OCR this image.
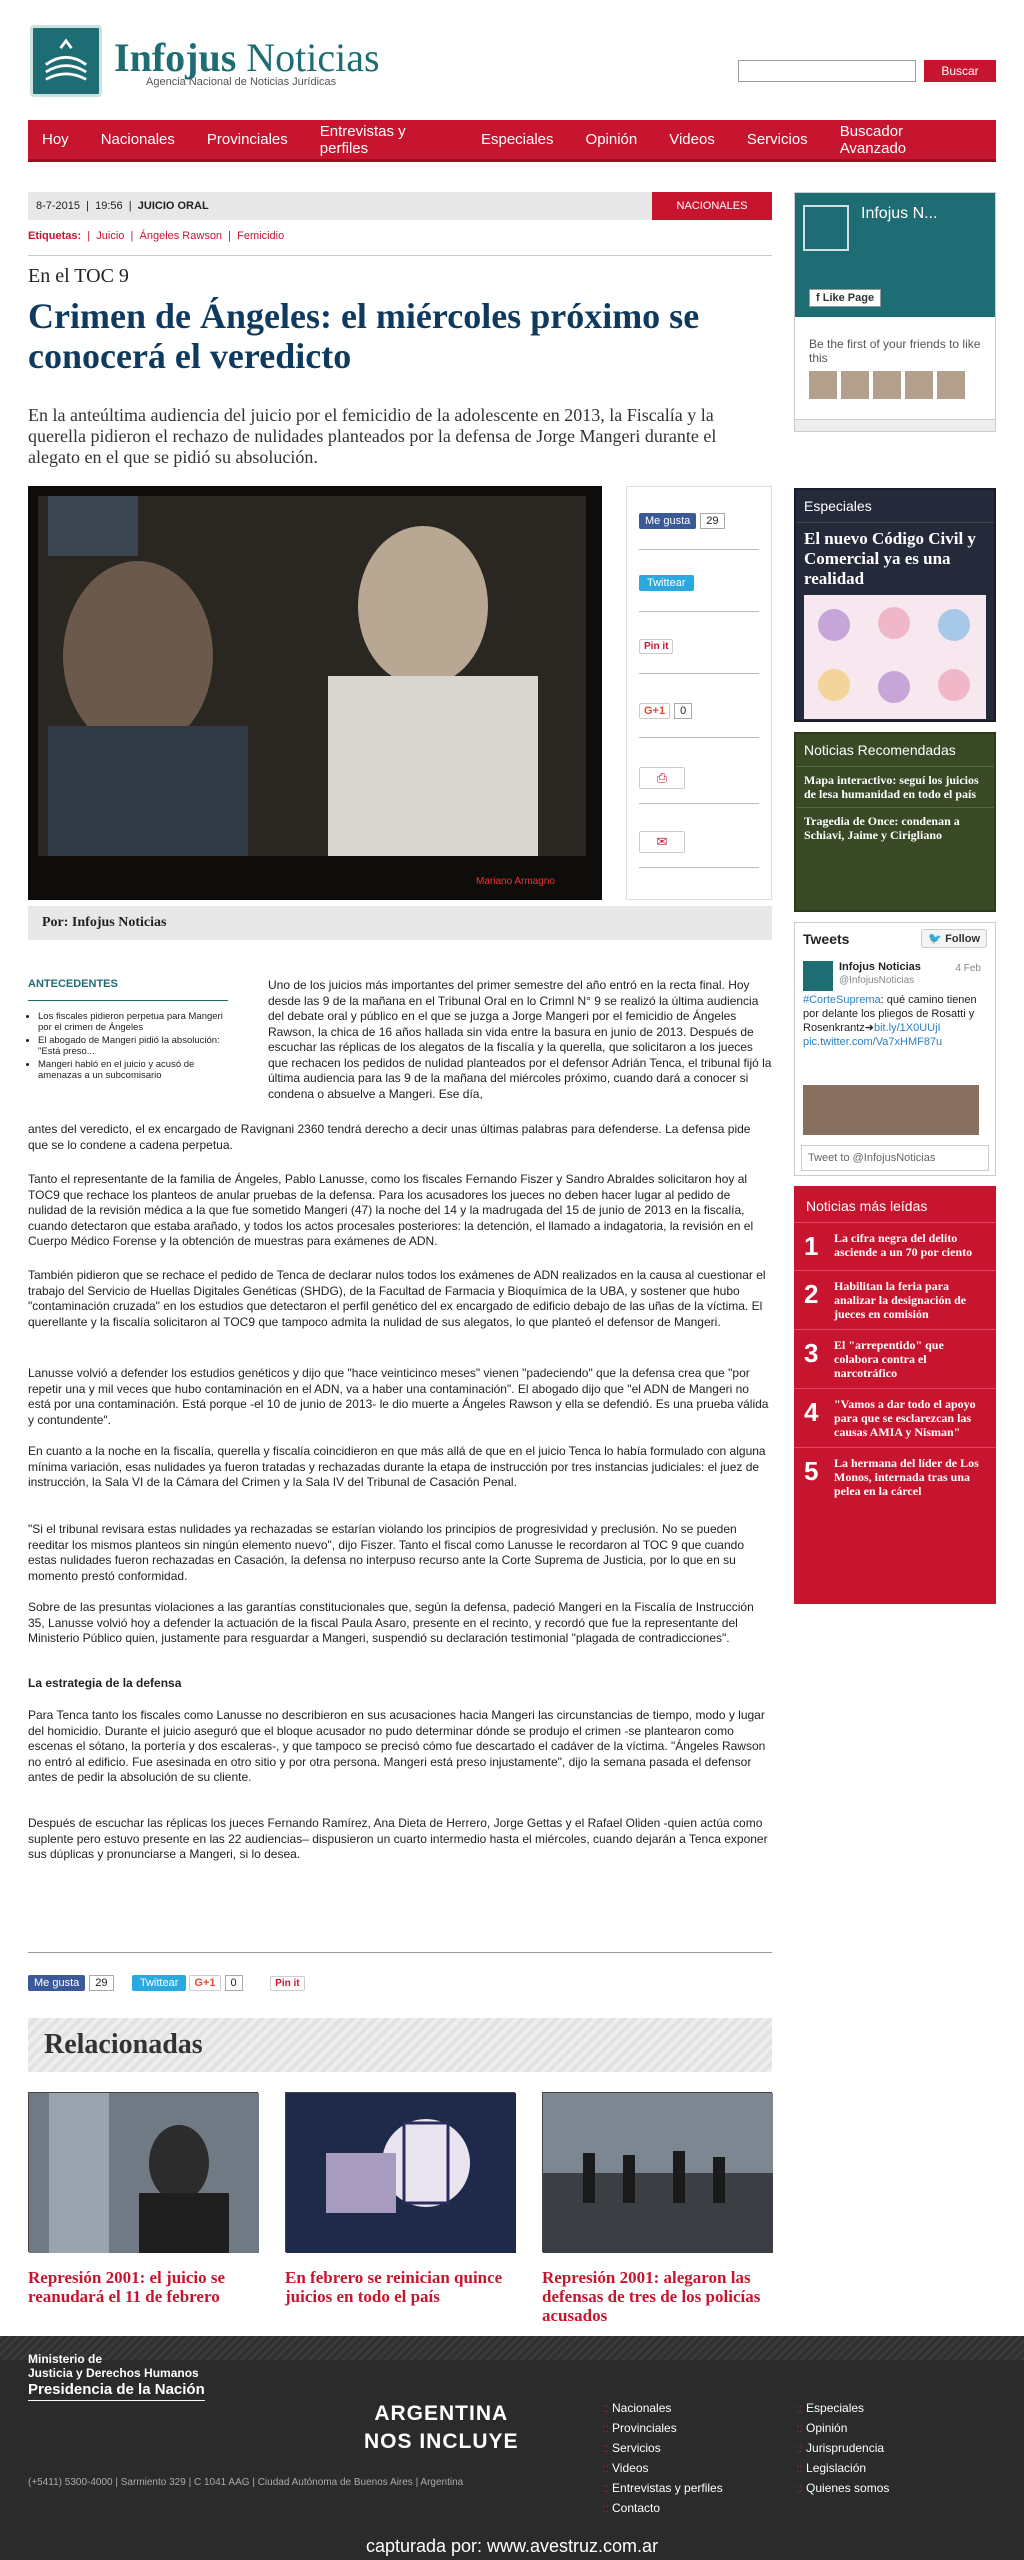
Infojus Noticias
Agencia Nacional de Noticias Jurídicas
Buscar
Hoy Nacionales Provinciales Entrevistas y perfiles	Especiales Opinión Videos Servicios Buscador Avanzado
8-7-2015  |  19:56  |  JUICIO ORAL	NACIONALES
Etiquetas:  |  Juicio  |  Ángeles Rawson  |  Femicidio
En el TOC 9
Crimen de Ángeles: el miércoles próximo se conocerá el veredicto

En la anteúltima audiencia del juicio por el femicidio de la adolescente en 2013, la Fiscalía y la querella pidieron el rechazo de nulidades planteados por la defensa de Jorge Mangeri durante el alegato en el que se pidió su absolución.

Mariano Armagno
Me gusta 29
Twittear
Pin it
G+1 0
⎙
✉
Por: Infojus Noticias
ANTECEDENTES
• Los fiscales pidieron perpetua para Mangeri por el crimen de Ángeles
• El abogado de Mangeri pidió la absolución: "Está preso...
• Mangeri habló en el juicio y acusó de amenazas a un subcomisario

Uno de los juicios más importantes del primer semestre del año entró en la recta final. Hoy desde las 9 de la mañana en el Tribunal Oral en lo Crimnl N° 9 se realizó la última audiencia del debate oral y público en el que se juzga a Jorge Mangeri por el femicidio de Ángeles Rawson, la chica de 16 años hallada sin vida entre la basura en junio de 2013. Después de escuchar las réplicas de los alegatos de la fiscalía y la querella, que solicitaron a los jueces que rechacen los pedidos de nulidad planteados por el defensor Adrián Tenca, el tribunal fijó la última audiencia para las 9 de la mañana del miércoles próximo, cuando dará a conocer si condena o absuelve a Mangeri. Ese día,

antes del veredicto, el ex encargado de Ravignani 2360 tendrá derecho a decir unas últimas palabras para defenderse. La defensa pide que se lo condene a cadena perpetua.

Tanto el representante de la familia de Ángeles, Pablo Lanusse, como los fiscales Fernando Fiszer y Sandro Abraldes solicitaron hoy al TOC9 que rechace los planteos de anular pruebas de la defensa. Para los acusadores los jueces no deben hacer lugar al pedido de nulidad de la revisión médica a la que fue sometido Mangeri (47) la noche del 14 y la madrugada del 15 de junio de 2013 en la fiscalía, cuando detectaron que estaba arañado, y todos los actos procesales posteriores: la detención, el llamado a indagatoria, la revisión en el Cuerpo Médico Forense y la obtención de muestras para exámenes de ADN.

También pidieron que se rechace el pedido de Tenca de declarar nulos todos los exámenes de ADN realizados en la causa al cuestionar el trabajo del Servicio de Huellas Digitales Genéticas (SHDG), de la Facultad de Farmacia y Bioquímica de la UBA, y sostener que hubo "contaminación cruzada" en los estudios que detectaron el perfil genético del ex encargado de edificio debajo de las uñas de la víctima. El querellante y la fiscalía solicitaron al TOC9 que tampoco admita la nulidad de sus alegatos, lo que planteó el defensor de Mangeri.

Lanusse volvió a defender los estudios genéticos y dijo que "hace veinticinco meses" vienen "padeciendo" que la defensa crea que "por repetir una y mil veces que hubo contaminación en el ADN, va a haber una contaminación". El abogado dijo que "el ADN de Mangeri no está por una contaminación. Está porque -el 10 de junio de 2013- le dio muerte a Ángeles Rawson y ella se defendió. Es una prueba válida y contundente".

En cuanto a la noche en la fiscalía, querella y fiscalía coincidieron en que más allá de que en el juicio Tenca lo había formulado con alguna mínima variación, esas nulidades ya fueron tratadas y rechazadas durante la etapa de instrucción por tres instancias judiciales: el juez de instrucción, la Sala VI de la Cámara del Crimen y la Sala IV del Tribunal de Casación Penal.

"Si el tribunal revisara estas nulidades ya rechazadas se estarían violando los principios de progresividad y preclusión. No se pueden reeditar los mismos planteos sin ningún elemento nuevo", dijo Fiszer. Tanto el fiscal como Lanusse le recordaron al TOC 9 que cuando estas nulidades fueron rechazadas en Casación, la defensa no interpuso recurso ante la Corte Suprema de Justicia, por lo que en su momento prestó conformidad.

Sobre de las presuntas violaciones a las garantías constitucionales que, según la defensa, padeció Mangeri en la Fiscalía de Instrucción 35, Lanusse volvió hoy a defender la actuación de la fiscal Paula Asaro, presente en el recinto, y recordó que fue la representante del Ministerio Público quien, justamente para resguardar a Mangeri, suspendió su declaración testimonial "plagada de contradicciones".

La estrategia de la defensa

Para Tenca tanto los fiscales como Lanusse no describieron en sus acusaciones hacia Mangeri las circunstancias de tiempo, modo y lugar del homicidio. Durante el juicio aseguró que el bloque acusador no pudo determinar dónde se produjo el crimen -se plantearon como escenas el sótano, la portería y dos escaleras-, y que tampoco se precisó cómo fue descartado el cadáver de la víctima. "Ángeles Rawson no entró al edificio. Fue asesinada en otro sitio y por otra persona. Mangeri está preso injustamente", dijo la semana pasada el defensor antes de pedir la absolución de su cliente.

Después de escuchar las réplicas los jueces Fernando Ramírez, Ana Dieta de Herrero, Jorge Gettas y el Rafael Oliden -quien actúa como suplente pero estuvo presente en las 22 audiencias– dispusieron un cuarto intermedio hasta el miércoles, cuando dejarán a Tenca exponer sus dúplicas y pronunciarse a Mangeri, si lo desea.

Me gusta 29	Twittear G+1 0	Pin it
Relacionadas
Represión 2001: el juicio se reanudará el 11 de febrero
En febrero se reinician quince juicios en todo el país
Represión 2001: alegaron las defensas de tres de los policías acusados
Infojus N...
f Like Page
Be the first of your friends to like this
Especiales
El nuevo Código Civil y Comercial ya es una realidad
Noticias Recomendadas
Mapa interactivo: seguí los juicios de lesa humanidad en todo el país
Tragedia de Once: condenan a Schiavi, Jaime y Cirigliano
Tweets	🐦 Follow
Infojus Noticias
@InfojusNoticias
4 Feb
#CorteSuprema: qué camino tienen por delante los pliegos de Rosatti y Rosenkrantz➜bit.ly/1X0UUjI pic.twitter.com/Va7xHMF87u
Tweet to @InfojusNoticias
Noticias más leídas
1	La cifra negra del delito asciende a un 70 por ciento
2	Habilitan la feria para analizar la designación de jueces en comisión
3	El "arrepentido" que colabora contra el narcotráfico
4	"Vamos a dar todo el apoyo para que se esclarezcan las causas AMIA y Nisman"
5	La hermana del líder de Los Monos, internada tras una pelea en la cárcel
Ministerio de
Justicia y Derechos Humanos
Presidencia de la Nación
(+5411) 5300-4000 | Sarmiento 329 | C 1041 AAG | Ciudad Autónoma de Buenos Aires | Argentina
ARGENTINA
NOS INCLUYE
:: Nacionales
:: Provinciales
:: Servicios
:: Videos
:: Entrevistas y perfiles
:: Contacto
:: Especiales
:: Opinión
:: Jurisprudencia
:: Legislación
:: Quienes somos
capturada por: www.avestruz.com.ar
